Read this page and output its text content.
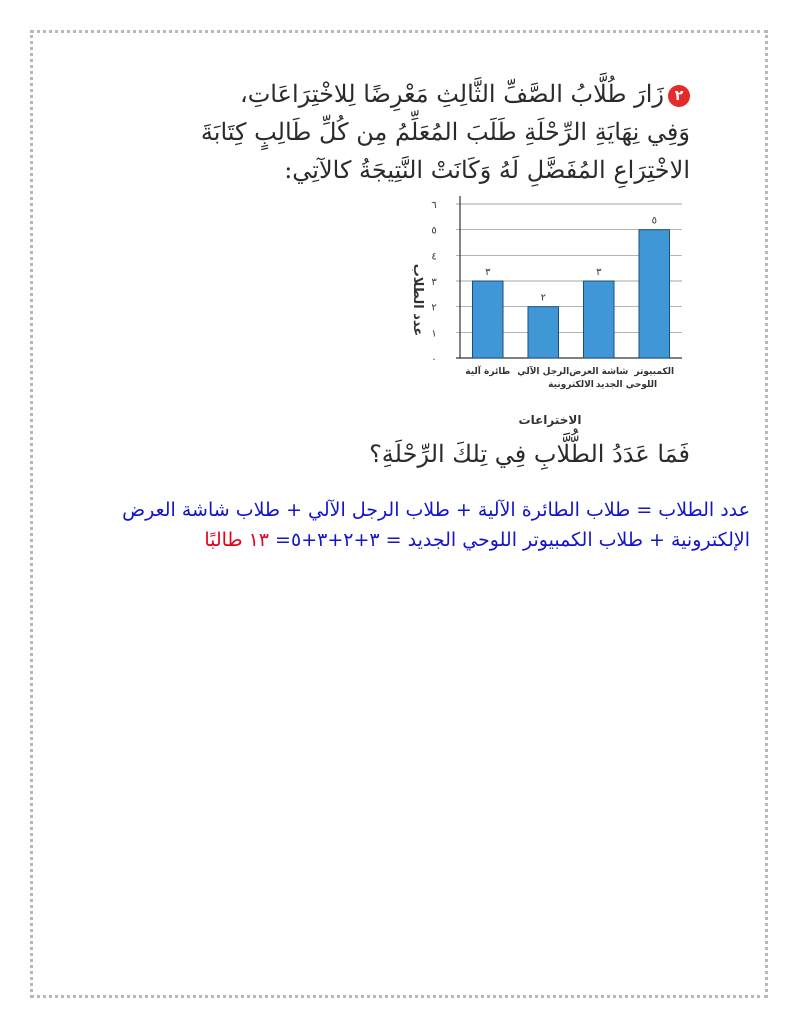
٢زَارَ طُلَّابُ الصَّفِّ الثَّالِثِ مَعْرِضًا لِلاخْتِرَاعَاتِ،
وَفِي نِهَايَةِ الرِّحْلَةِ طَلَبَ المُعَلِّمُ مِن كُلِّ طَالِبٍ كِتَابَةَ
الاخْتِرَاعِ المُفَضَّلِ لَهُ وَكَانَتْ النَّتِيجَةُ كالآتِي:
٠
١
٢
٣
٤
٥
٦
٥
٣
٢
٣
الكمبيوتر اللوحي الجديد
شاشة العرض الالكترونية
الرجل الآلي
طائرة آلية
عدد الطلاب
الاختراعات
فَمَا عَدَدُ الطُّلَّابِ فِي تِلكَ الرِّحْلَةِ؟
عدد الطلاب = طلاب الطائرة الآلية + طلاب الرجل الآلي + طلاب شاشة العرض
الإلكترونية + طلاب الكمبيوتر اللوحي الجديد = ٣+٢+٣+٥= ١٣ طالبًا
